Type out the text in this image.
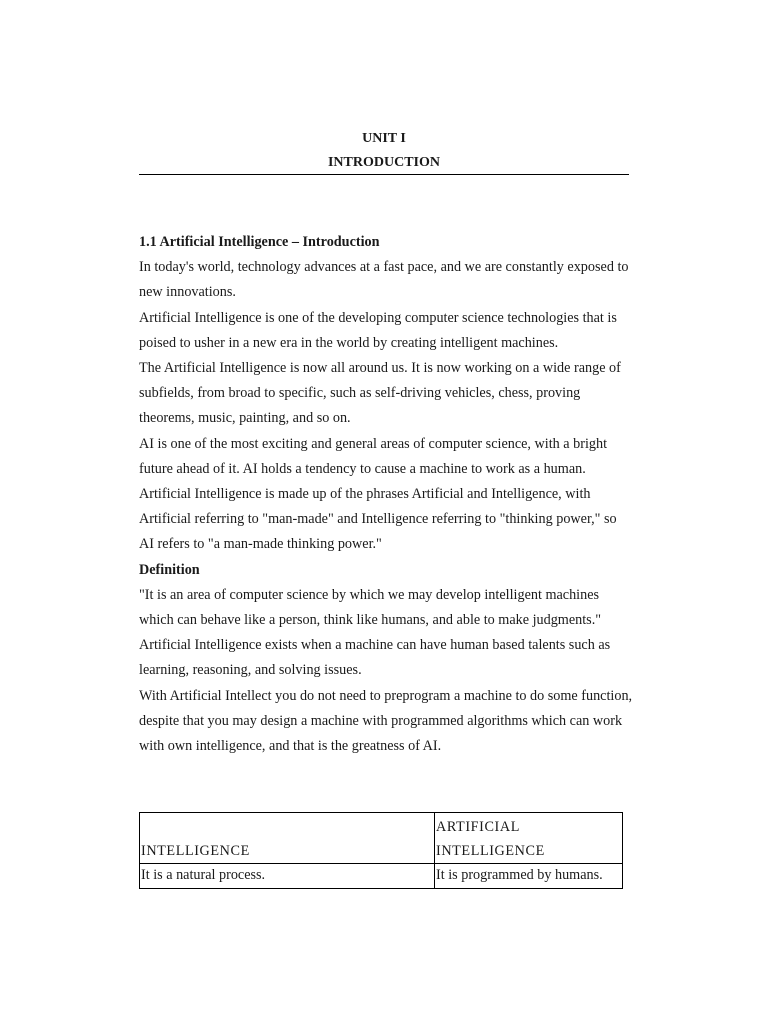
UNIT I
INTRODUCTION

1.1 Artificial Intelligence – Introduction

In today's world, technology advances at a fast pace, and we are constantly exposed to new innovations.

Artificial Intelligence is one of the developing computer science technologies that is poised to usher in a new era in the world by creating intelligent machines.

The Artificial Intelligence is now all around us. It is now working on a wide range of subfields, from broad to specific, such as self-driving vehicles, chess, proving theorems, music, painting, and so on.

AI is one of the most exciting and general areas of computer science, with a bright future ahead of it. AI holds a tendency to cause a machine to work as a human. Artificial Intelligence is made up of the phrases Artificial and Intelligence, with Artificial referring to "man-made" and Intelligence referring to "thinking power," so AI refers to "a man-made thinking power."

Definition

"It is an area of computer science by which we may develop intelligent machines which can behave like a person, think like humans, and able to make judgments."

Artificial Intelligence exists when a machine can have human based talents such as learning, reasoning, and solving issues.

With Artificial Intellect you do not need to preprogram a machine to do some function, despite that you may design a machine with programmed algorithms which can work with own intelligence, and that is the greatness of AI.

INTELLIGENCE	ARTIFICIAL INTELLIGENCE
It is a natural process.	It is programmed by humans.
